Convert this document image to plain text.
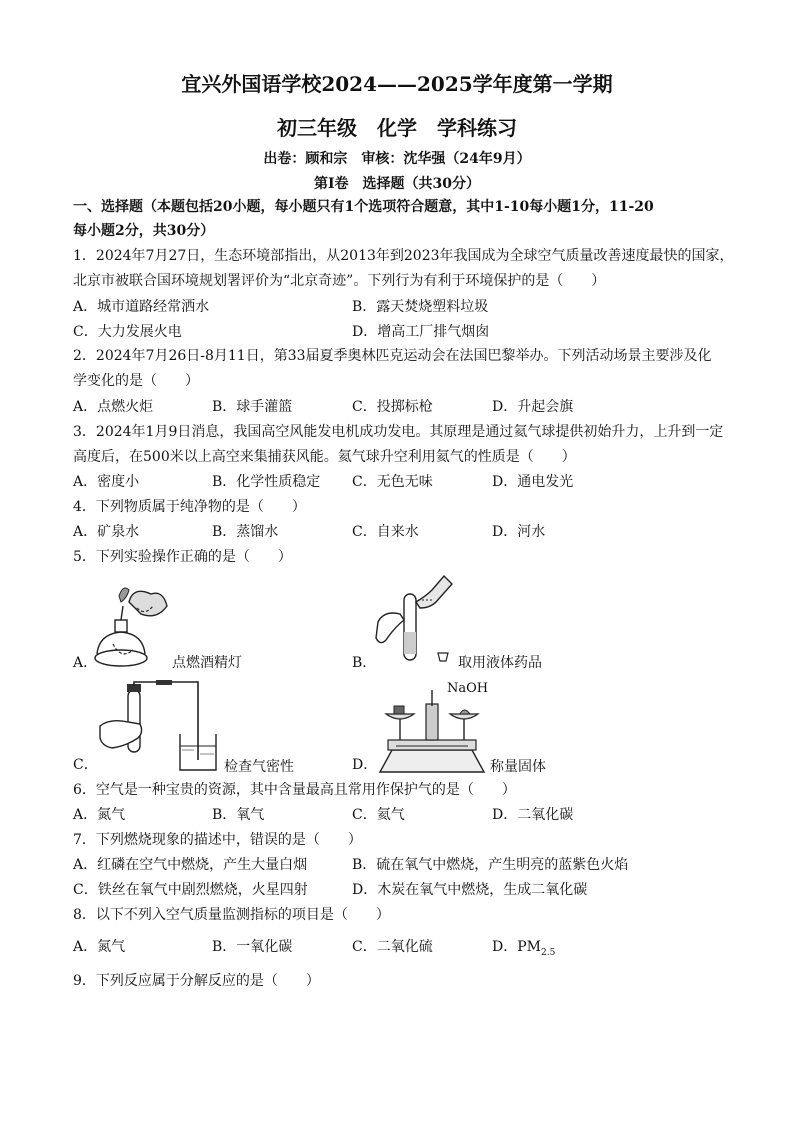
宜兴外国语学校2024——2025学年度第一学期
初三年级　化学　学科练习
出卷：顾和宗　审核：沈华强（24年9月）
第Ⅰ卷　选择题（共30分）
一、选择题（本题包括20小题，每小题只有1个选项符合题意，其中1-10每小题1分，11-20
每小题2分，共30分）
1．2024年7月27日，生态环境部指出，从2013年到2023年我国成为全球空气质量改善速度最快的国家，
北京市被联合国环境规划署评价为“北京奇迹”。下列行为有利于环境保护的是（　　）
A．城市道路经常洒水	B．露天焚烧塑料垃圾
C．大力发展火电	D．增高工厂排气烟囱
2．2024年7月26日-8月11日，第33届夏季奥林匹克运动会在法国巴黎举办。下列活动场景主要涉及化
学变化的是（　　）
A．点燃火炬	B．球手灌篮	C．投掷标枪	D．升起会旗
3．2024年1月9日消息，我国高空风能发电机成功发电。其原理是通过氦气球提供初始升力，上升到一定
高度后，在500米以上高空来集捕获风能。氦气球升空利用氦气的性质是（　　）
A．密度小	B．化学性质稳定 C．无色无味	D．通电发光
4．下列物质属于纯净物的是（　　）
A．矿泉水	B．蒸馏水	C．自来水	D．河水
5．下列实验操作正确的是（　　）
A．	点燃酒精灯	B．	取用液体药品
C．	检查气密性	D．
NaOH
称量固体
6．空气是一种宝贵的资源，其中含量最高且常用作保护气的是（　　）
A．氮气	B．氧气	C．氦气	D．二氧化碳
7．下列燃烧现象的描述中，错误的是（　　）
A．红磷在空气中燃烧，产生大量白烟	B．硫在氧气中燃烧，产生明亮的蓝紫色火焰
C．铁丝在氧气中剧烈燃烧，火星四射	D．木炭在氧气中燃烧，生成二氧化碳
8．以下不列入空气质量监测指标的项目是（　　）
A．氮气	B．一氧化碳	C．二氧化硫	D．$PM_{2.5}$
9．下列反应属于分解反应的是（　　）
